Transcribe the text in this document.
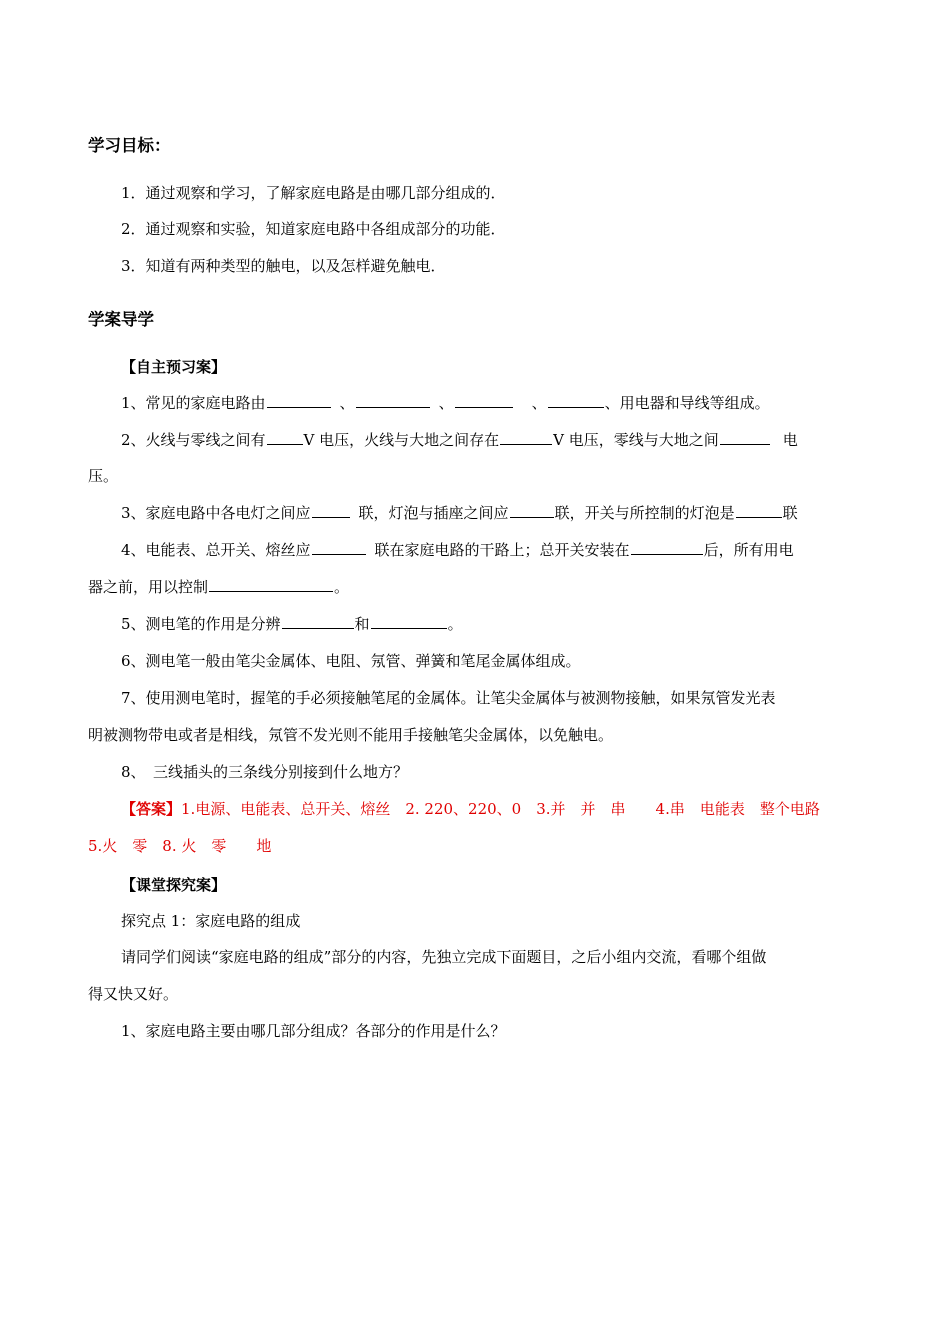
学习目标：
1．通过观察和学习，了解家庭电路是由哪几部分组成的．
2．通过观察和实验，知道家庭电路中各组成部分的功能．
3．知道有两种类型的触电，以及怎样避免触电．
学案导学
【自主预习案】
1、常见的家庭电路由	、	、	、	、用电器和导线等组成。
2、火线与零线之间有	V 电压，火线与大地之间存在	V 电压，零线与大地之间	电
压。
3、家庭电路中各电灯之间应	联，灯泡与插座之间应	联，开关与所控制的灯泡是	联
4、电能表、总开关、熔丝应	联在家庭电路的干路上；总开关安装在	后，所有用电
器之前，用以控制	。
5、测电笔的作用是分辨	和	。
6、测电笔一般由笔尖金属体、电阻、氖管、弹簧和笔尾金属体组成。
7、使用测电笔时，握笔的手必须接触笔尾的金属体。让笔尖金属体与被测物接触，如果氖管发光表
明被测物带电或者是相线，氖管不发光则不能用手接触笔尖金属体，以免触电。
8、　三线插头的三条线分别接到什么地方？
【答案】1.电源、电能表、总开关、熔丝　2. 220、220、0　3.并　并　串　　4.串　电能表　整个电路
5.火　零　8. 火　零　　地
【课堂探究案】
探究点 1：家庭电路的组成
请同学们阅读“家庭电路的组成”部分的内容，先独立完成下面题目，之后小组内交流，看哪个组做
得又快又好。
1、家庭电路主要由哪几部分组成？各部分的作用是什么？
